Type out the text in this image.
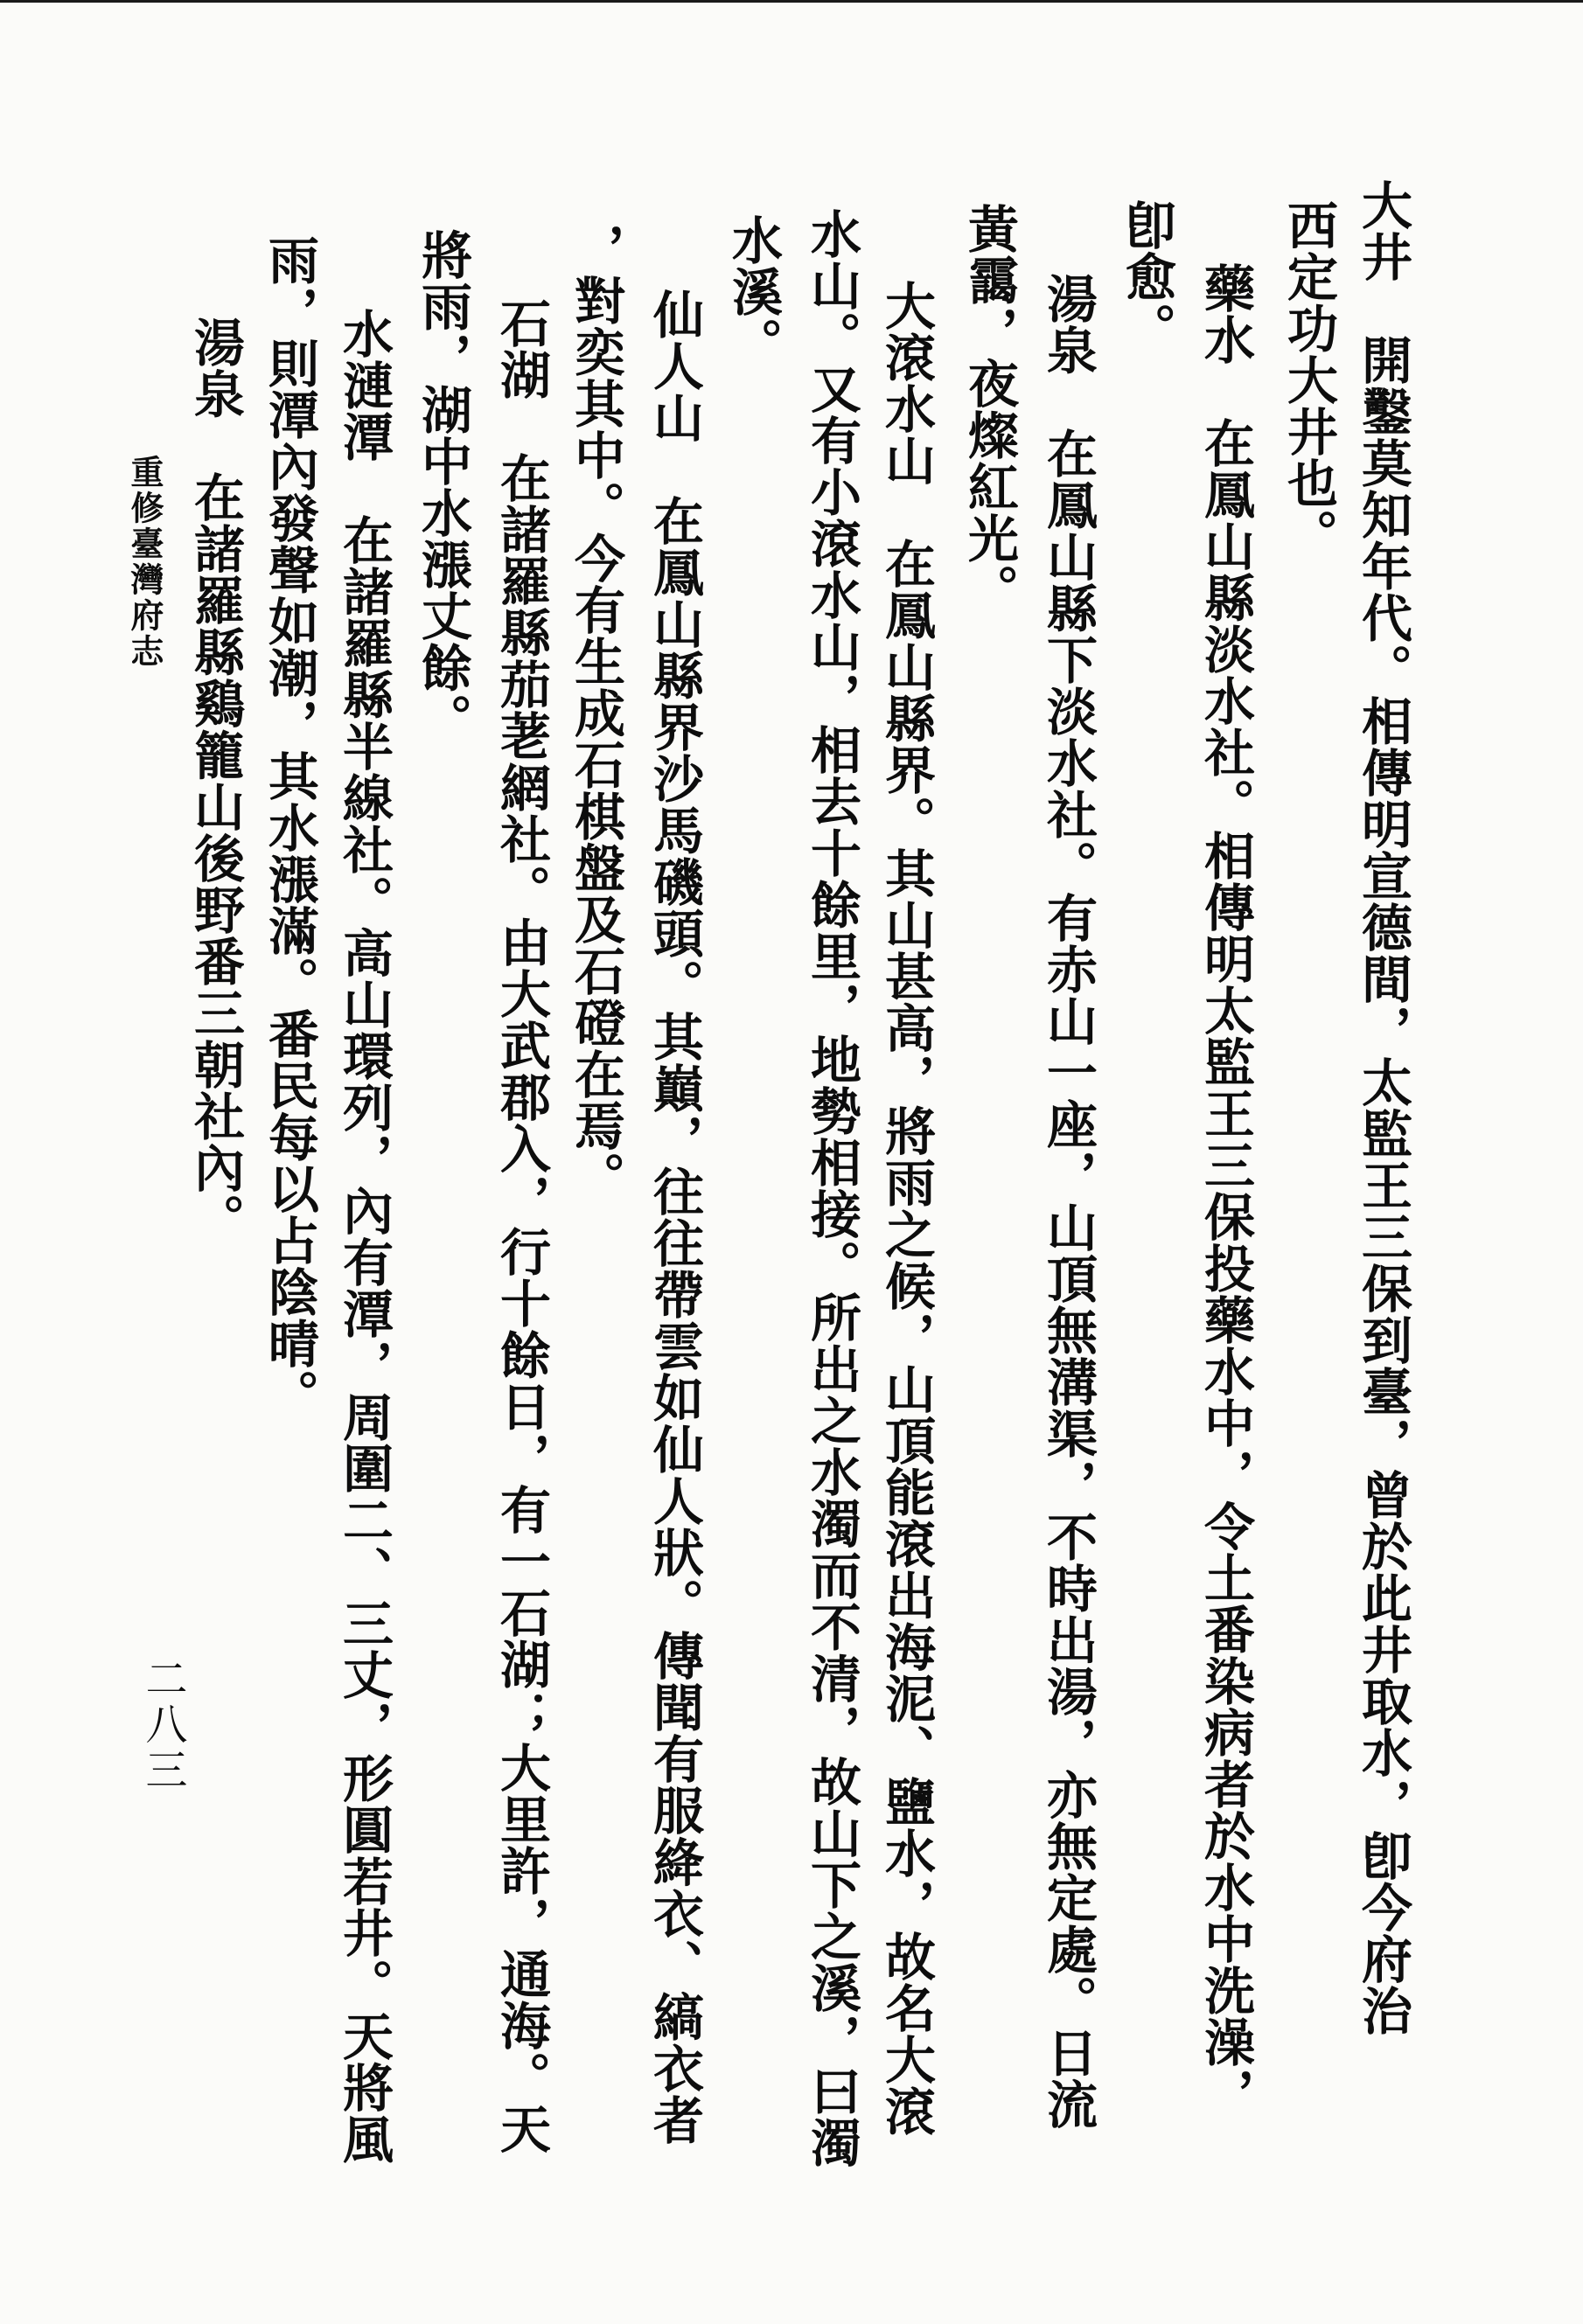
大井　開鑿莫知年代。相傳明宣德間，太監王三保到臺，曾於此井取水，卽今府治
西定功大井也。
藥水　在鳳山縣淡水社。相傳明太監王三保投藥水中，令土番染病者於水中洗澡，
卽愈。
湯泉　在鳳山縣下淡水社。有赤山一座，山頂無溝渠，不時出湯，亦無定處。日流
黃靄，夜燦紅光。
大滾水山　在鳳山縣界。其山甚高，將雨之候，山頂能滾出海泥、鹽水，故名大滾
水山。又有小滾水山，相去十餘里，地勢相接。所出之水濁而不清，故山下之溪，曰濁
水溪。
仙人山　在鳳山縣界沙馬磯頭。其巔，往往帶雲如仙人狀。傳聞有服絳衣、縞衣者
，對奕其中。今有生成石棋盤及石磴在焉。
石湖　在諸羅縣茄荖網社。由大武郡入，行十餘日，有一石湖；大里許，通海。天
將雨，湖中水漲丈餘。
水漣潭　在諸羅縣半線社。高山環列，內有潭，周圍二、三丈，形圓若井。天將風
雨，則潭內發聲如潮，其水漲滿。番民每以占陰晴。
湯泉　在諸羅縣鷄籠山後野番三朝社內。
重修臺灣府志
二八三
